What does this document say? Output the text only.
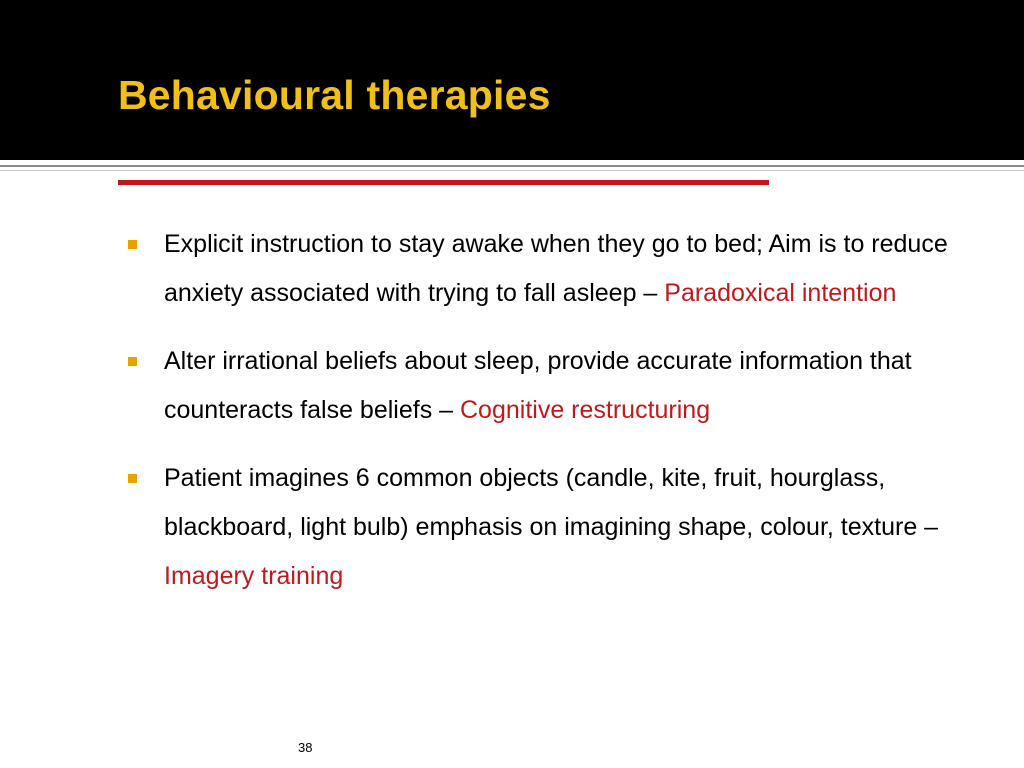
Behavioural therapies
Explicit instruction to stay awake when they go to bed; Aim is to reduce anxiety associated with trying to fall asleep – Paradoxical intention
Alter irrational beliefs about sleep, provide accurate information that counteracts false beliefs – Cognitive restructuring
Patient imagines 6 common objects (candle, kite, fruit, hourglass, blackboard, light bulb) emphasis on imagining shape, colour, texture – Imagery training
38
